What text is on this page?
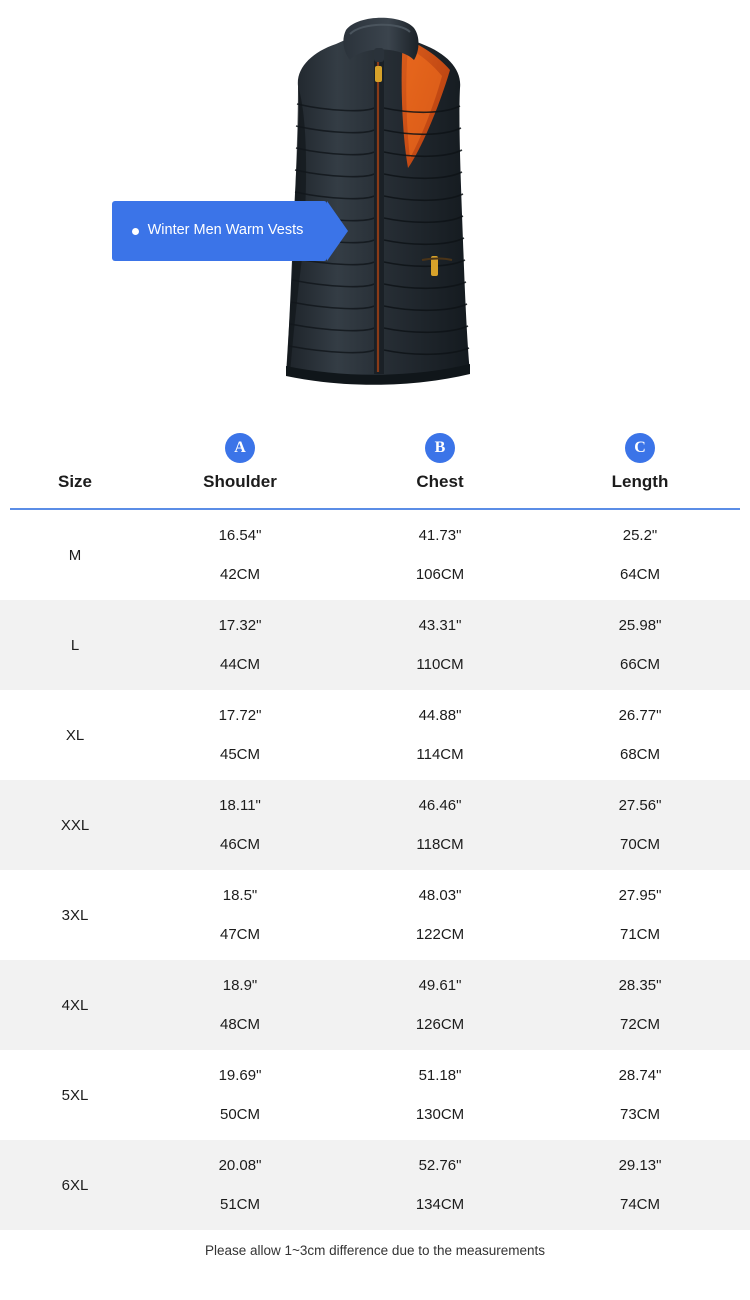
Winter Men Warm Vests
Size
A
Shoulder
B
Chest
C
Length
M
16.54"
42CM
41.73"
106CM
25.2"
64CM
L
17.32"
44CM
43.31"
110CM
25.98"
66CM
XL
17.72"
45CM
44.88"
114CM
26.77"
68CM
XXL
18.11"
46CM
46.46"
118CM
27.56"
70CM
3XL
18.5"
47CM
48.03"
122CM
27.95"
71CM
4XL
18.9"
48CM
49.61"
126CM
28.35"
72CM
5XL
19.69"
50CM
51.18"
130CM
28.74"
73CM
6XL
20.08"
51CM
52.76"
134CM
29.13"
74CM
Please allow 1~3cm difference due to the measurements
